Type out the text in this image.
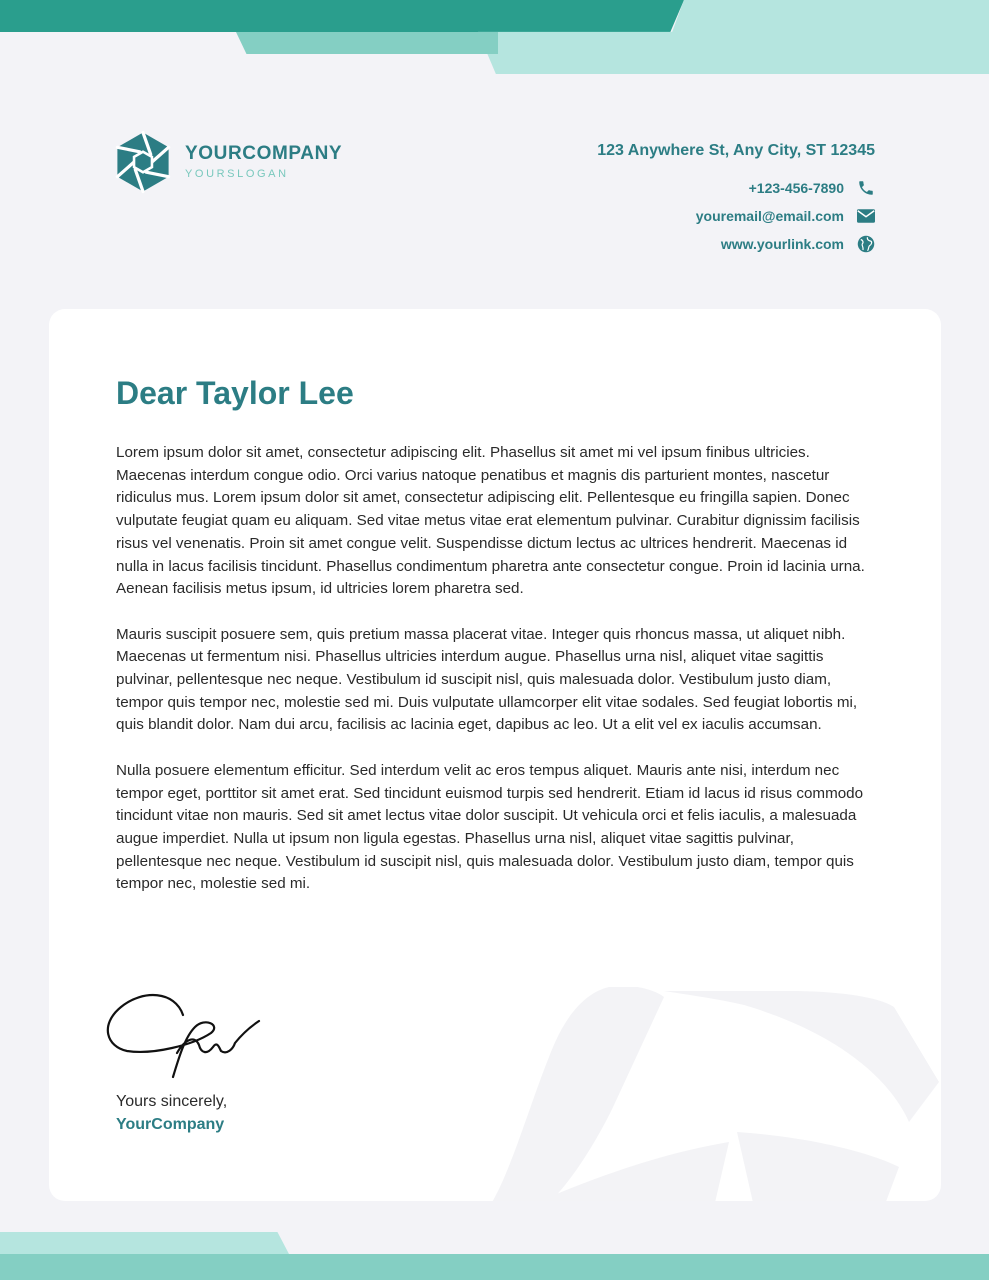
YOURCOMPANY
YOURSLOGAN
123 Anywhere St, Any City, ST 12345
+123-456-7890
youremail@email.com
www.yourlink.com
Dear Taylor Lee

Lorem ipsum dolor sit amet, consectetur adipiscing elit. Phasellus sit amet mi vel ipsum finibus ultricies. Maecenas interdum congue odio. Orci varius natoque penatibus et magnis dis parturient montes, nascetur ridiculus mus. Lorem ipsum dolor sit amet, consectetur adipiscing elit. Pellentesque eu fringilla sapien. Donec vulputate feugiat quam eu aliquam. Sed vitae metus vitae erat elementum pulvinar. Curabitur dignissim facilisis risus vel venenatis. Proin sit amet congue velit. Suspendisse dictum lectus ac ultrices hendrerit. Maecenas id nulla in lacus facilisis tincidunt. Phasellus condimentum pharetra ante consectetur congue. Proin id lacinia urna. Aenean facilisis metus ipsum, id ultricies lorem pharetra sed.

Mauris suscipit posuere sem, quis pretium massa placerat vitae. Integer quis rhoncus massa, ut aliquet nibh. Maecenas ut fermentum nisi. Phasellus ultricies interdum augue. Phasellus urna nisl, aliquet vitae sagittis pulvinar, pellentesque nec neque. Vestibulum id suscipit nisl, quis malesuada dolor. Vestibulum justo diam, tempor quis tempor nec, molestie sed mi. Duis vulputate ullamcorper elit vitae sodales. Sed feugiat lobortis mi, quis blandit dolor. Nam dui arcu, facilisis ac lacinia eget, dapibus ac leo. Ut a elit vel ex iaculis accumsan.

Nulla posuere elementum efficitur. Sed interdum velit ac eros tempus aliquet. Mauris ante nisi, interdum nec tempor eget, porttitor sit amet erat. Sed tincidunt euismod turpis sed hendrerit. Etiam id lacus id risus commodo tincidunt vitae non mauris. Sed sit amet lectus vitae dolor suscipit. Ut vehicula orci et felis iaculis, a malesuada augue imperdiet. Nulla ut ipsum non ligula egestas. Phasellus urna nisl, aliquet vitae sagittis pulvinar, pellentesque nec neque. Vestibulum id suscipit nisl, quis malesuada dolor. Vestibulum justo diam, tempor quis tempor nec, molestie sed mi.

Yours sincerely,
YourCompany
